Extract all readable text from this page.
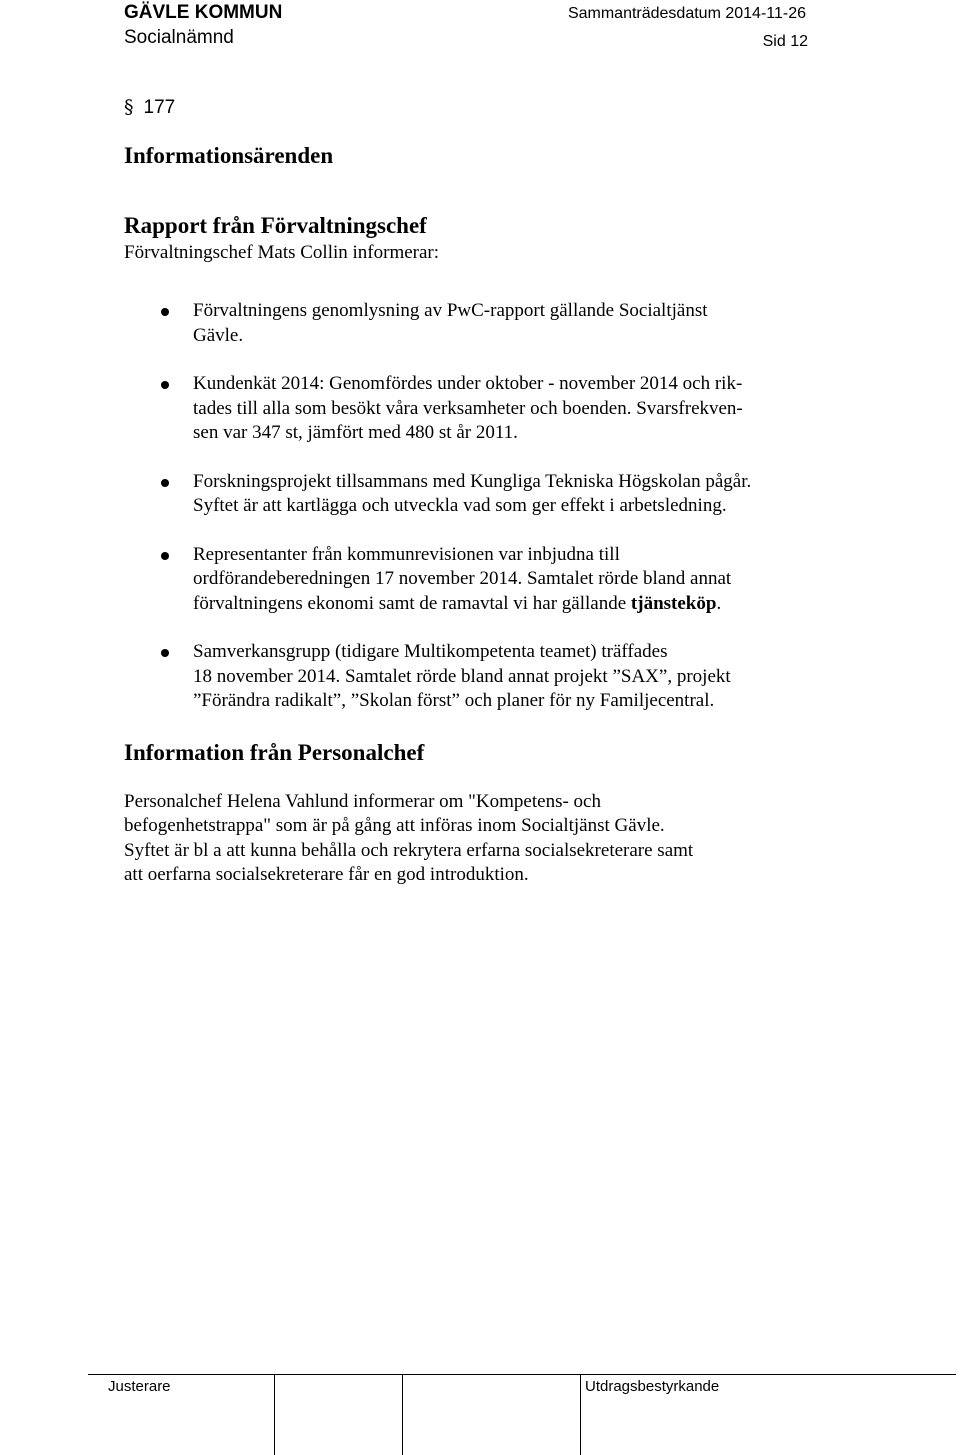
GÄVLE KOMMUN
Socialnämnd
Sammanträdesdatum 2014-11-26
Sid 12
§ 177
Informationsärenden
Rapport från Förvaltningschef

Förvaltningschef Mats Collin informerar:

Förvaltningens genomlysning av PwC-rapport gällande Socialtjänst
Gävle.
Kundenkät 2014: Genomfördes under oktober - november 2014 och rik-
tades till alla som besökt våra verksamheter och boenden. Svarsfrekven-
sen var 347 st, jämfört med 480 st år 2011.
Forskningsprojekt tillsammans med Kungliga Tekniska Högskolan pågår.
Syftet är att kartlägga och utveckla vad som ger effekt i arbetsledning.
Representanter från kommunrevisionen var inbjudna till
ordförandeberedningen 17 november 2014. Samtalet rörde bland annat
förvaltningens ekonomi samt de ramavtal vi har gällande tjänsteköp.
Samverkansgrupp (tidigare Multikompetenta teamet) träffades
18 november 2014. Samtalet rörde bland annat projekt ”SAX”, projekt
”Förändra radikalt”, ”Skolan först” och planer för ny Familjecentral.
Information från Personalchef

Personalchef Helena Vahlund informerar om "Kompetens- och
befogenhetstrappa" som är på gång att införas inom Socialtjänst Gävle.
Syftet är bl a att kunna behålla och rekrytera erfarna socialsekreterare samt
att oerfarna socialsekreterare får en god introduktion.

Justerare	Utdragsbestyrkande
